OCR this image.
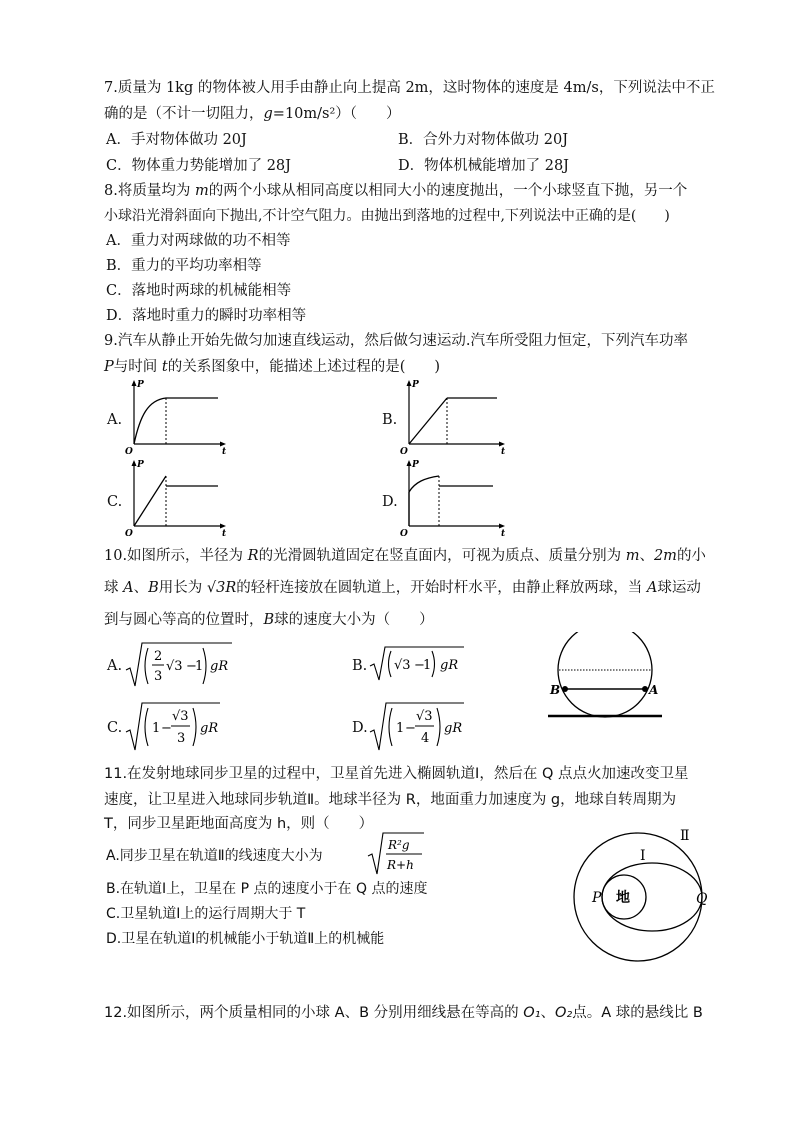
7.质量为 1kg 的物体被人用手由静止向上提高 2m，这时物体的速度是 4m/s，下列说法中不正
确的是（不计一切阻力，g=10m/s²）（　　）
A．手对物体做功 20J	B．合外力对物体做功 20J
C．物体重力势能增加了 28J	D．物体机械能增加了 28J
8.将质量均为 m的两个小球从相同高度以相同大小的速度抛出，一个小球竖直下抛，另一个
小球沿光滑斜面向下抛出,不计空气阻力。由抛出到落地的过程中,下列说法中正确的是(　　)
A．重力对两球做的功不相等
B．重力的平均功率相等
C．落地时两球的机械能相等
D．落地时重力的瞬时功率相等
9.汽车从静止开始先做匀加速直线运动，然后做匀速运动.汽车所受阻力恒定，下列汽车功率
P与时间 t的关系图象中，能描述上述过程的是(　　)
A.
P
t
O
B.
P
t
O
C.
P
t
O
D.
P
t
O
10.如图所示，半径为 R的光滑圆轨道固定在竖直面内，可视为质点、质量分别为 m、2m的小
球 A、B用长为 √3R的轻杆连接放在圆轨道上，开始时杆水平，由静止释放两球，当 A球运动
到与圆心等高的位置时，B球的速度大小为（　　）
A.
2
3
√3 −
1 gR	B. √3 −
1 gR
C. 1 −
√3
3
gR	D. 1 −
√3
4
gR
B	A
11.在发射地球同步卫星的过程中，卫星首先进入椭圆轨道Ⅰ，然后在 Q 点点火加速改变卫星
速度，让卫星进入地球同步轨道Ⅱ。地球半径为 R，地面重力加速度为 g，地球自转周期为
T，同步卫星距地面高度为 h，则（　　）
A.同步卫星在轨道Ⅱ的线速度大小为
R²g
R+h
B.在轨道Ⅰ上，卫星在 P 点的速度小于在 Q 点的速度
C.卫星轨道Ⅰ上的运行周期大于 T
D.卫星在轨道Ⅰ的机械能小于轨道Ⅱ上的机械能
地
Ⅱ
Ⅰ
P	Q
12.如图所示，两个质量相同的小球 A、B 分别用细线悬在等高的 O₁、O₂点。A 球的悬线比 B
